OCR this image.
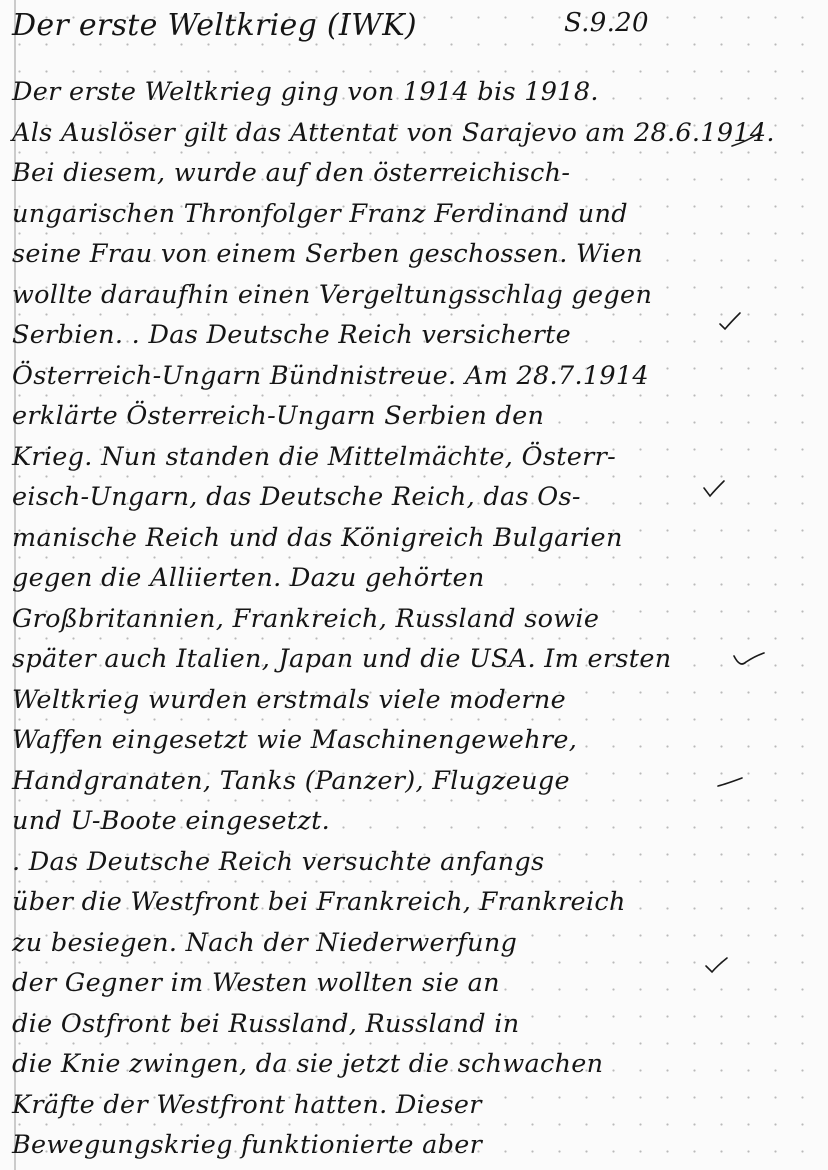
Der erste Weltkrieg (IWK)	S.9.20
Der erste Weltkrieg ging von 1914 bis 1918.
Als Auslöser gilt das Attentat von Sarajevo am 28.6.1914.
Bei diesem, wurde auf den österreichisch-
ungarischen Thronfolger Franz Ferdinand und
seine Frau von einem Serben geschossen. Wien
wollte daraufhin einen Vergeltungsschlag gegen
Serbien. . Das Deutsche Reich versicherte
Österreich-Ungarn Bündnistreue. Am 28.7.1914
erklärte Österreich-Ungarn Serbien den
Krieg. Nun standen die Mittelmächte, Österr-
eisch-Ungarn, das Deutsche Reich, das Os-
manische Reich und das Königreich Bulgarien
gegen die Alliierten. Dazu gehörten
Großbritannien, Frankreich, Russland sowie
später auch Italien, Japan und die USA. Im ersten
Weltkrieg wurden erstmals viele moderne
Waffen eingesetzt wie Maschinengewehre,
Handgranaten, Tanks (Panzer), Flugzeuge
und U-Boote eingesetzt.
. Das Deutsche Reich versuchte anfangs
über die Westfront bei Frankreich, Frankreich
zu besiegen. Nach der Niederwerfung
der Gegner im Westen wollten sie an
die Ostfront bei Russland, Russland in
die Knie zwingen, da sie jetzt die schwachen
Kräfte der Westfront hatten. Dieser
Bewegungskrieg funktionierte aber
